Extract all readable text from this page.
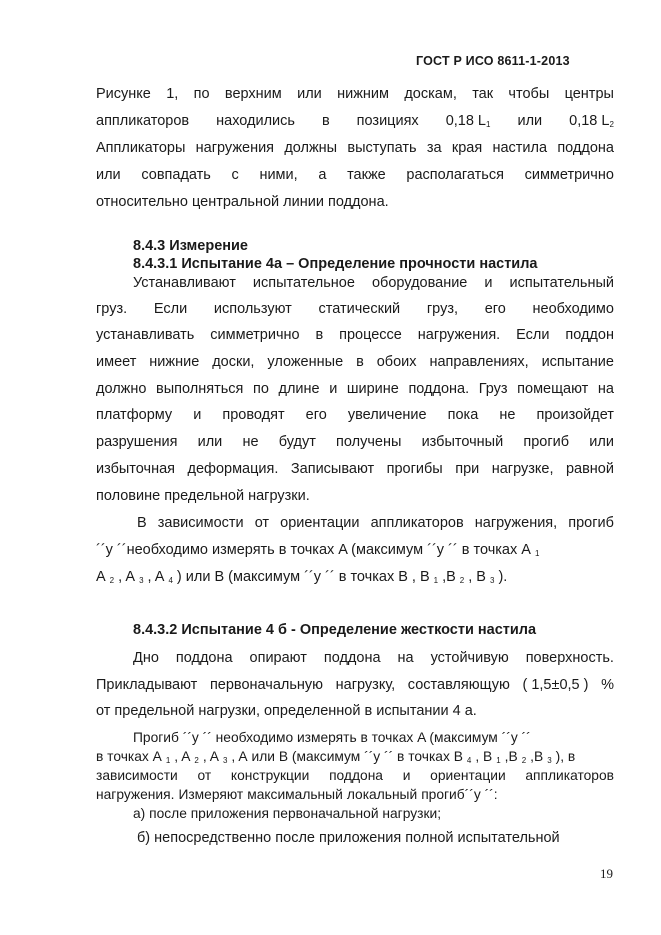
ГОСТ Р ИСО 8611-1-2013
Рисунке 1, по верхним или нижним доскам, так чтобы центры
аппликаторов находились в позициях 0,18 $L_1$ или 0,18 $L_2$
Аппликаторы нагружения должны выступать за края настила поддона
или совпадать с ними, а также располагаться симметрично
относительно центральной линии поддона.
8.4.3 Измерение
8.4.3.1 Испытание 4а – Определение прочности настила
Устанавливают испытательное оборудование и испытательный
груз. Если используют статический груз, его необходимо
устанавливать симметрично в процессе нагружения. Если поддон
имеет нижние доски, уложенные в обоих направлениях, испытание
должно выполняться по длине и ширине поддона. Груз помещают на
платформу и проводят его увеличение пока не произойдет
разрушения или не будут получены избыточный прогиб или
избыточная деформация. Записывают прогибы при нагрузке, равной
половине предельной нагрузки.
В зависимости от ориентации аппликаторов нагружения, прогиб
´´y ´´необходимо измерять в точках A (максимум ´´y ´´ в точках A $_1$
A $_2$ , A $_3$ , A $_4$ ) или B (максимум ´´y ´´ в точках B , B $_1$ ,B $_2$ , B $_3$ ).
8.4.3.2 Испытание 4 б - Определение жесткости настила
Дно поддона опирают поддона на устойчивую поверхность.
Прикладывают первоначальную нагрузку, составляющую ( 1,5±0,5 ) %
от предельной нагрузки, определенной в испытании 4 а.
Прогиб ´´y ´´ необходимо измерять в точках A (максимум ´´y ´´
в точках A $_1$ , A $_2$ , A $_3$ , A или B (максимум ´´y ´´ в точках B $_4$ , B $_1$ ,B $_2$ ,B $_3$ ), в
зависимости от конструкции поддона и ориентации аппликаторов
нагружения. Измеряют максимальный локальный прогиб´´y ´´:
а) после приложения первоначальной нагрузки;
б) непосредственно после приложения полной испытательной
19
